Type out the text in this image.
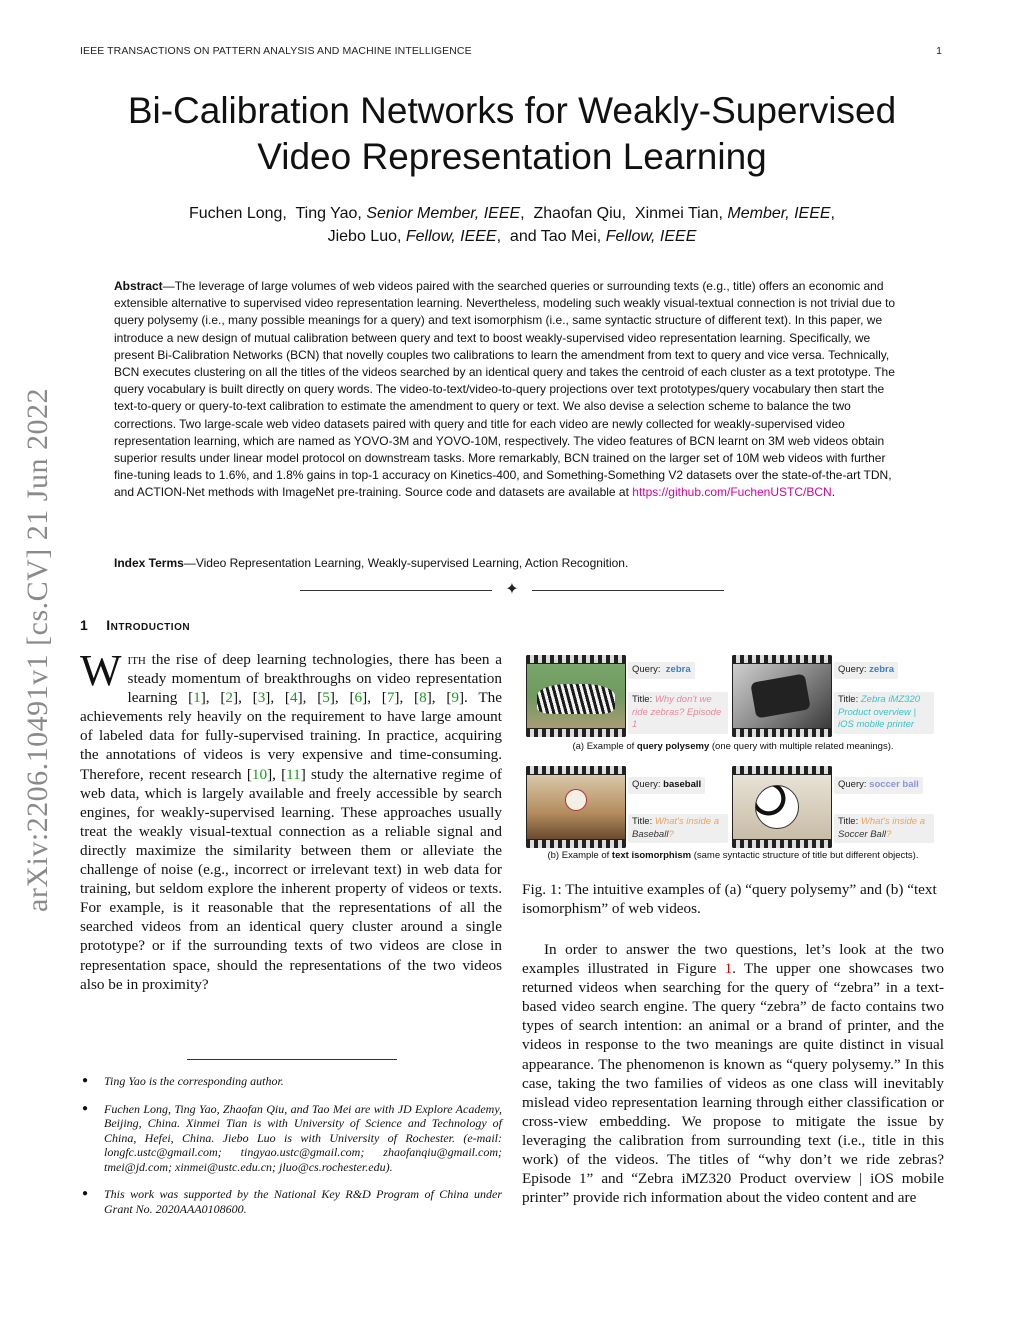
IEEE TRANSACTIONS ON PATTERN ANALYSIS AND MACHINE INTELLIGENCE	1
arXiv:2206.10491v1 [cs.CV] 21 Jun 2022
Bi-Calibration Networks for Weakly-Supervised
Video Representation Learning
Fuchen Long,  Ting Yao, Senior Member, IEEE,  Zhaofan Qiu,  Xinmei Tian, Member, IEEE,
Jiebo Luo, Fellow, IEEE,  and Tao Mei, Fellow, IEEE
Abstract—The leverage of large volumes of web videos paired with the searched queries or surrounding texts (e.g., title) offers an economic and extensible alternative to supervised video representation learning. Nevertheless, modeling such weakly visual-textual connection is not trivial due to query polysemy (i.e., many possible meanings for a query) and text isomorphism (i.e., same syntactic structure of different text). In this paper, we introduce a new design of mutual calibration between query and text to boost weakly-supervised video representation learning. Specifically, we present Bi-Calibration Networks (BCN) that novelly couples two calibrations to learn the amendment from text to query and vice versa. Technically, BCN executes clustering on all the titles of the videos searched by an identical query and takes the centroid of each cluster as a text prototype. The query vocabulary is built directly on query words. The video-to-text/video-to-query projections over text prototypes/query vocabulary then start the text-to-query or query-to-text calibration to estimate the amendment to query or text. We also devise a selection scheme to balance the two corrections. Two large-scale web video datasets paired with query and title for each video are newly collected for weakly-supervised video representation learning, which are named as YOVO-3M and YOVO-10M, respectively. The video features of BCN learnt on 3M web videos obtain superior results under linear model protocol on downstream tasks. More remarkably, BCN trained on the larger set of 10M web videos with further fine-tuning leads to 1.6%, and 1.8% gains in top-1 accuracy on Kinetics-400, and Something-Something V2 datasets over the state-of-the-art TDN, and ACTION-Net methods with ImageNet pre-training. Source code and datasets are available at https://github.com/FuchenUSTC/BCN.
Index Terms—Video Representation Learning, Weakly-supervised Learning, Action Recognition.
✦
1 Introduction
With the rise of deep learning technologies, there has been a steady momentum of breakthroughs on video representation learning [1], [2], [3], [4], [5], [6], [7], [8], [9]. The achievements rely heavily on the requirement to have large amount of labeled data for fully-supervised training. In practice, acquiring the annotations of videos is very expensive and time-consuming. Therefore, recent research [10], [11] study the alternative regime of web data, which is largely available and freely accessible by search engines, for weakly-supervised learning. These approaches usually treat the weakly visual-textual connection as a reliable signal and directly maximize the similarity between them or alleviate the challenge of noise (e.g., incorrect or irrelevant text) in web data for training, but seldom explore the inherent property of videos or texts. For example, is it reasonable that the representations of all the searched videos from an identical query cluster around a single prototype? or if the surrounding texts of two videos are close in representation space, should the representations of the two videos also be in proximity?
● Ting Yao is the corresponding author.
● Fuchen Long, Ting Yao, Zhaofan Qiu, and Tao Mei are with JD Explore Academy, Beijing, China. Xinmei Tian is with University of Science and Technology of China, Hefei, China. Jiebo Luo is with University of Rochester. (e-mail: longfc.ustc@gmail.com; tingyao.ustc@gmail.com; zhaofanqiu@gmail.com; tmei@jd.com; xinmei@ustc.edu.cn; jluo@cs.rochester.edu).
● This work was supported by the National Key R&D Program of China under Grant No. 2020AAA0108600.
Query: zebra
Title: Why don't we ride zebras? Episode 1
Query: zebra
Title: Zebra iMZ320 Product overview | iOS mobile printer
(a) Example of query polysemy (one query with multiple related meanings).
Query: baseball
Title: What's inside a Baseball?
Query: soccer ball
Title: What's inside a Soccer Ball?
(b) Example of text isomorphism (same syntactic structure of title but different objects).
Fig. 1: The intuitive examples of (a) “query polysemy” and (b) “text isomorphism” of web videos.
In order to answer the two questions, let’s look at the two examples illustrated in Figure 1. The upper one showcases two returned videos when searching for the query of “zebra” in a text-based video search engine. The query “zebra” de facto contains two types of search intention: an animal or a brand of printer, and the videos in response to the two meanings are quite distinct in visual appearance. The phenomenon is known as “query polysemy.” In this case, taking the two families of videos as one class will inevitably mislead video representation learning through either classification or cross-view embedding. We propose to mitigate the issue by leveraging the calibration from surrounding text (i.e., title in this work) of the videos. The titles of “why don’t we ride zebras? Episode 1” and “Zebra iMZ320 Product overview | iOS mobile printer” provide rich information about the video content and are
